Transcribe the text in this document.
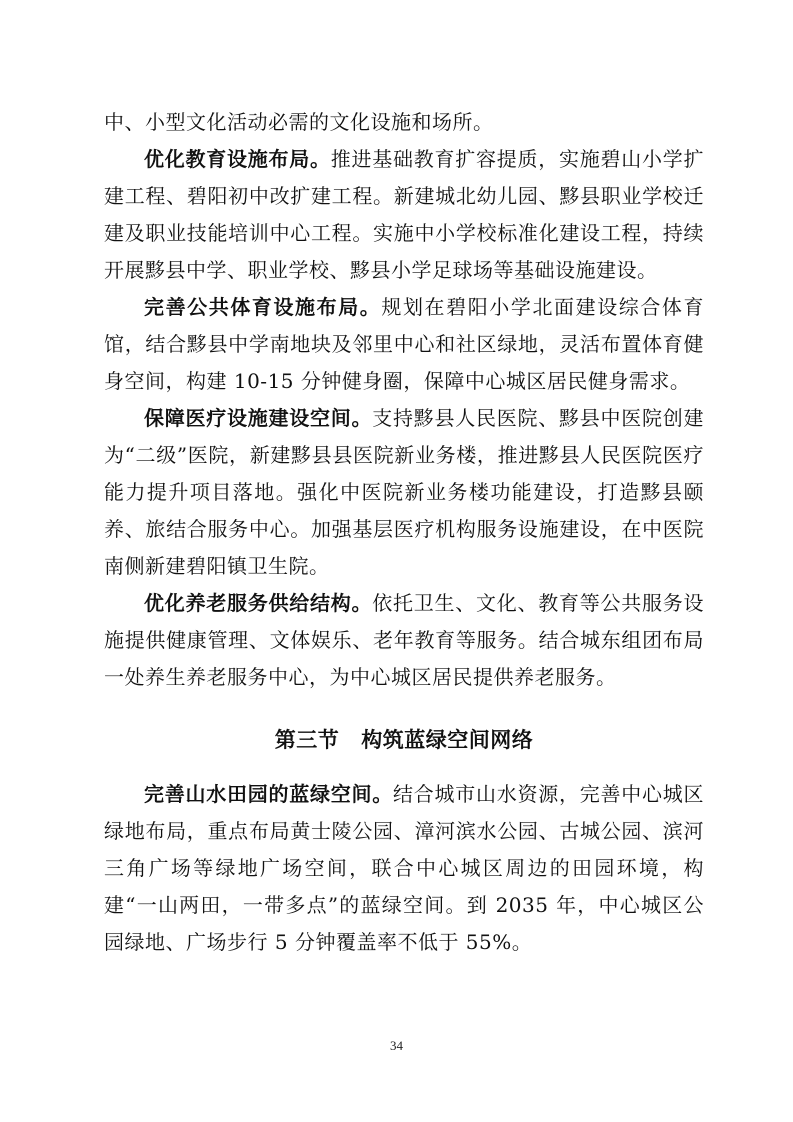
中、小型文化活动必需的文化设施和场所。

优化教育设施布局。推进基础教育扩容提质，实施碧山小学扩建工程、碧阳初中改扩建工程。新建城北幼儿园、黟县职业学校迁建及职业技能培训中心工程。实施中小学校标准化建设工程，持续开展黟县中学、职业学校、黟县小学足球场等基础设施建设。

完善公共体育设施布局。规划在碧阳小学北面建设综合体育馆，结合黟县中学南地块及邻里中心和社区绿地，灵活布置体育健身空间，构建 10-15 分钟健身圈，保障中心城区居民健身需求。

保障医疗设施建设空间。支持黟县人民医院、黟县中医院创建为“二级”医院，新建黟县县医院新业务楼，推进黟县人民医院医疗能力提升项目落地。强化中医院新业务楼功能建设，打造黟县颐养、旅结合服务中心。加强基层医疗机构服务设施建设，在中医院南侧新建碧阳镇卫生院。

优化养老服务供给结构。依托卫生、文化、教育等公共服务设施提供健康管理、文体娱乐、老年教育等服务。结合城东组团布局一处养生养老服务中心，为中心城区居民提供养老服务。

第三节 构筑蓝绿空间网络

完善山水田园的蓝绿空间。结合城市山水资源，完善中心城区绿地布局，重点布局黄士陵公园、漳河滨水公园、古城公园、滨河三角广场等绿地广场空间，联合中心城区周边的田园环境，构建“一山两田，一带多点”的蓝绿空间。到 2035 年，中心城区公园绿地、广场步行 5 分钟覆盖率不低于 55%。

34
